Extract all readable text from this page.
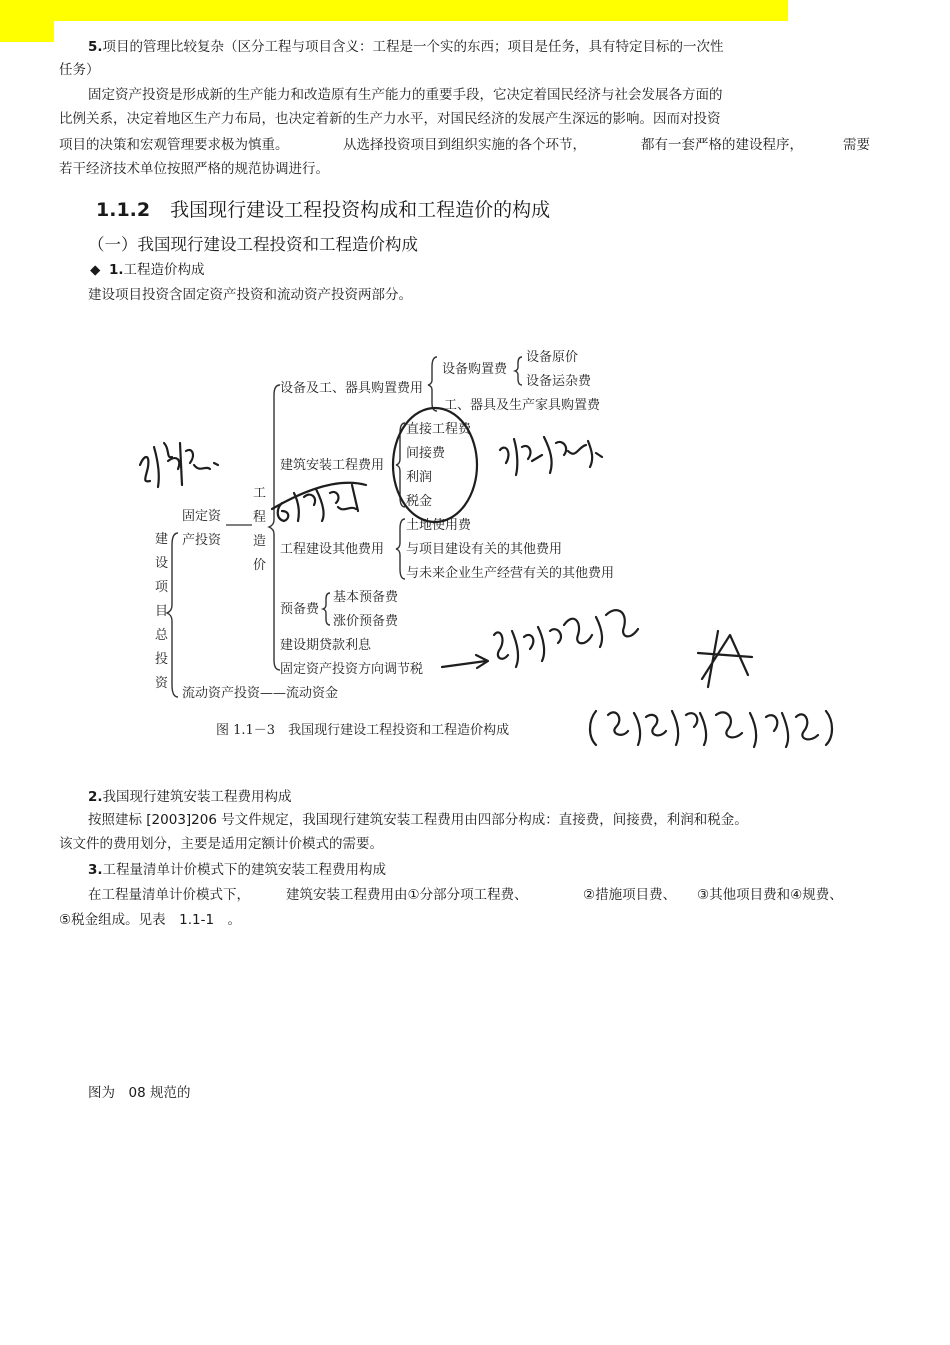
5.项目的管理比较复杂（区分工程与项目含义：工程是一个实的东西；项目是任务，具有特定目标的一次性
任务）
固定资产投资是形成新的生产能力和改造原有生产能力的重要手段，它决定着国民经济与社会发展各方面的
比例关系，决定着地区生产力布局，也决定着新的生产力水平，对国民经济的发展产生深远的影响。因而对投资
项目的决策和宏观管理要求极为慎重。	从选择投资项目到组织实施的各个环节，	都有一套严格的建设程序，	需要
若干经济技术单位按照严格的规范协调进行。
1.1.2 我国现行建设工程投资构成和工程造价的构成
（一）我国现行建设工程投资和工程造价构成
◆ 1.工程造价构成
建设项目投资含固定资产投资和流动资产投资两部分。
建
设
项
目
总
投
资
固定资
产投资
工
程
造
价
设备及工、器具购置费用
设备购置费
设备原价
设备运杂费
工、器具及生产家具购置费
建筑安装工程费用
直接工程费
间接费
利润
税金
工程建设其他费用
土地使用费
与项目建设有关的其他费用
与未来企业生产经营有关的其他费用
预备费
基本预备费
涨价预备费
建设期贷款利息
固定资产投资方向调节税
流动资产投资——流动资金
图 1.1－3　我国现行建设工程投资和工程造价构成
2.我国现行建筑安装工程费用构成
按照建标 [2003]206 号文件规定，我国现行建筑安装工程费用由四部分构成：直接费，间接费，利润和税金。
该文件的费用划分，主要是适用定额计价模式的需要。
3.工程量清单计价模式下的建筑安装工程费用构成
在工程量清单计价模式下，	建筑安装工程费用由①分部分项工程费、	②措施项目费、 ③其他项目费和④规费、
⑤税金组成。见表　1.1-1　。
图为　08 规范的
